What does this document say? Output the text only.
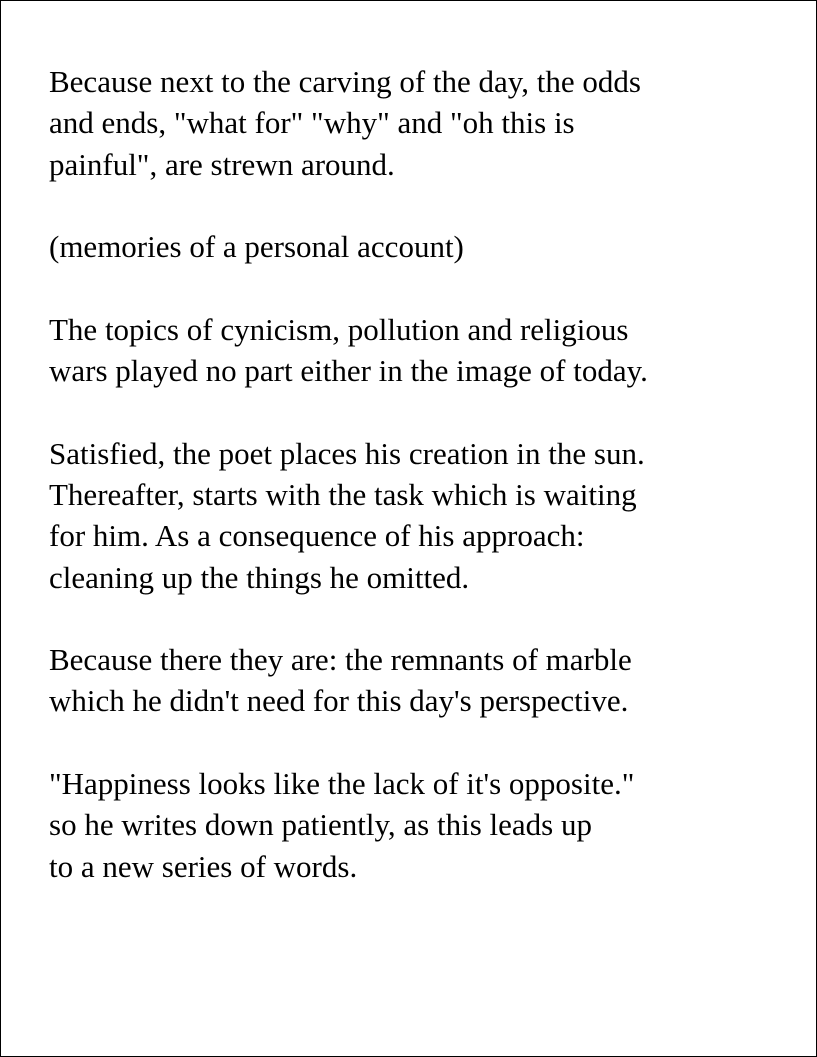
Because next to the carving of the day, the odds
and ends, "what for" "why" and "oh this is
painful", are strewn around.
(memories of a personal account)
The topics of cynicism, pollution and religious
wars played no part either in the image of today.
Satisfied, the poet places his creation in the sun.
Thereafter, starts with the task which is waiting
for him. As a consequence of his approach:
cleaning up the things he omitted.
Because there they are: the remnants of marble
which he didn't need for this day's perspective.
"Happiness looks like the lack of it's opposite."
so he writes down patiently, as this leads up
to a new series of words.
